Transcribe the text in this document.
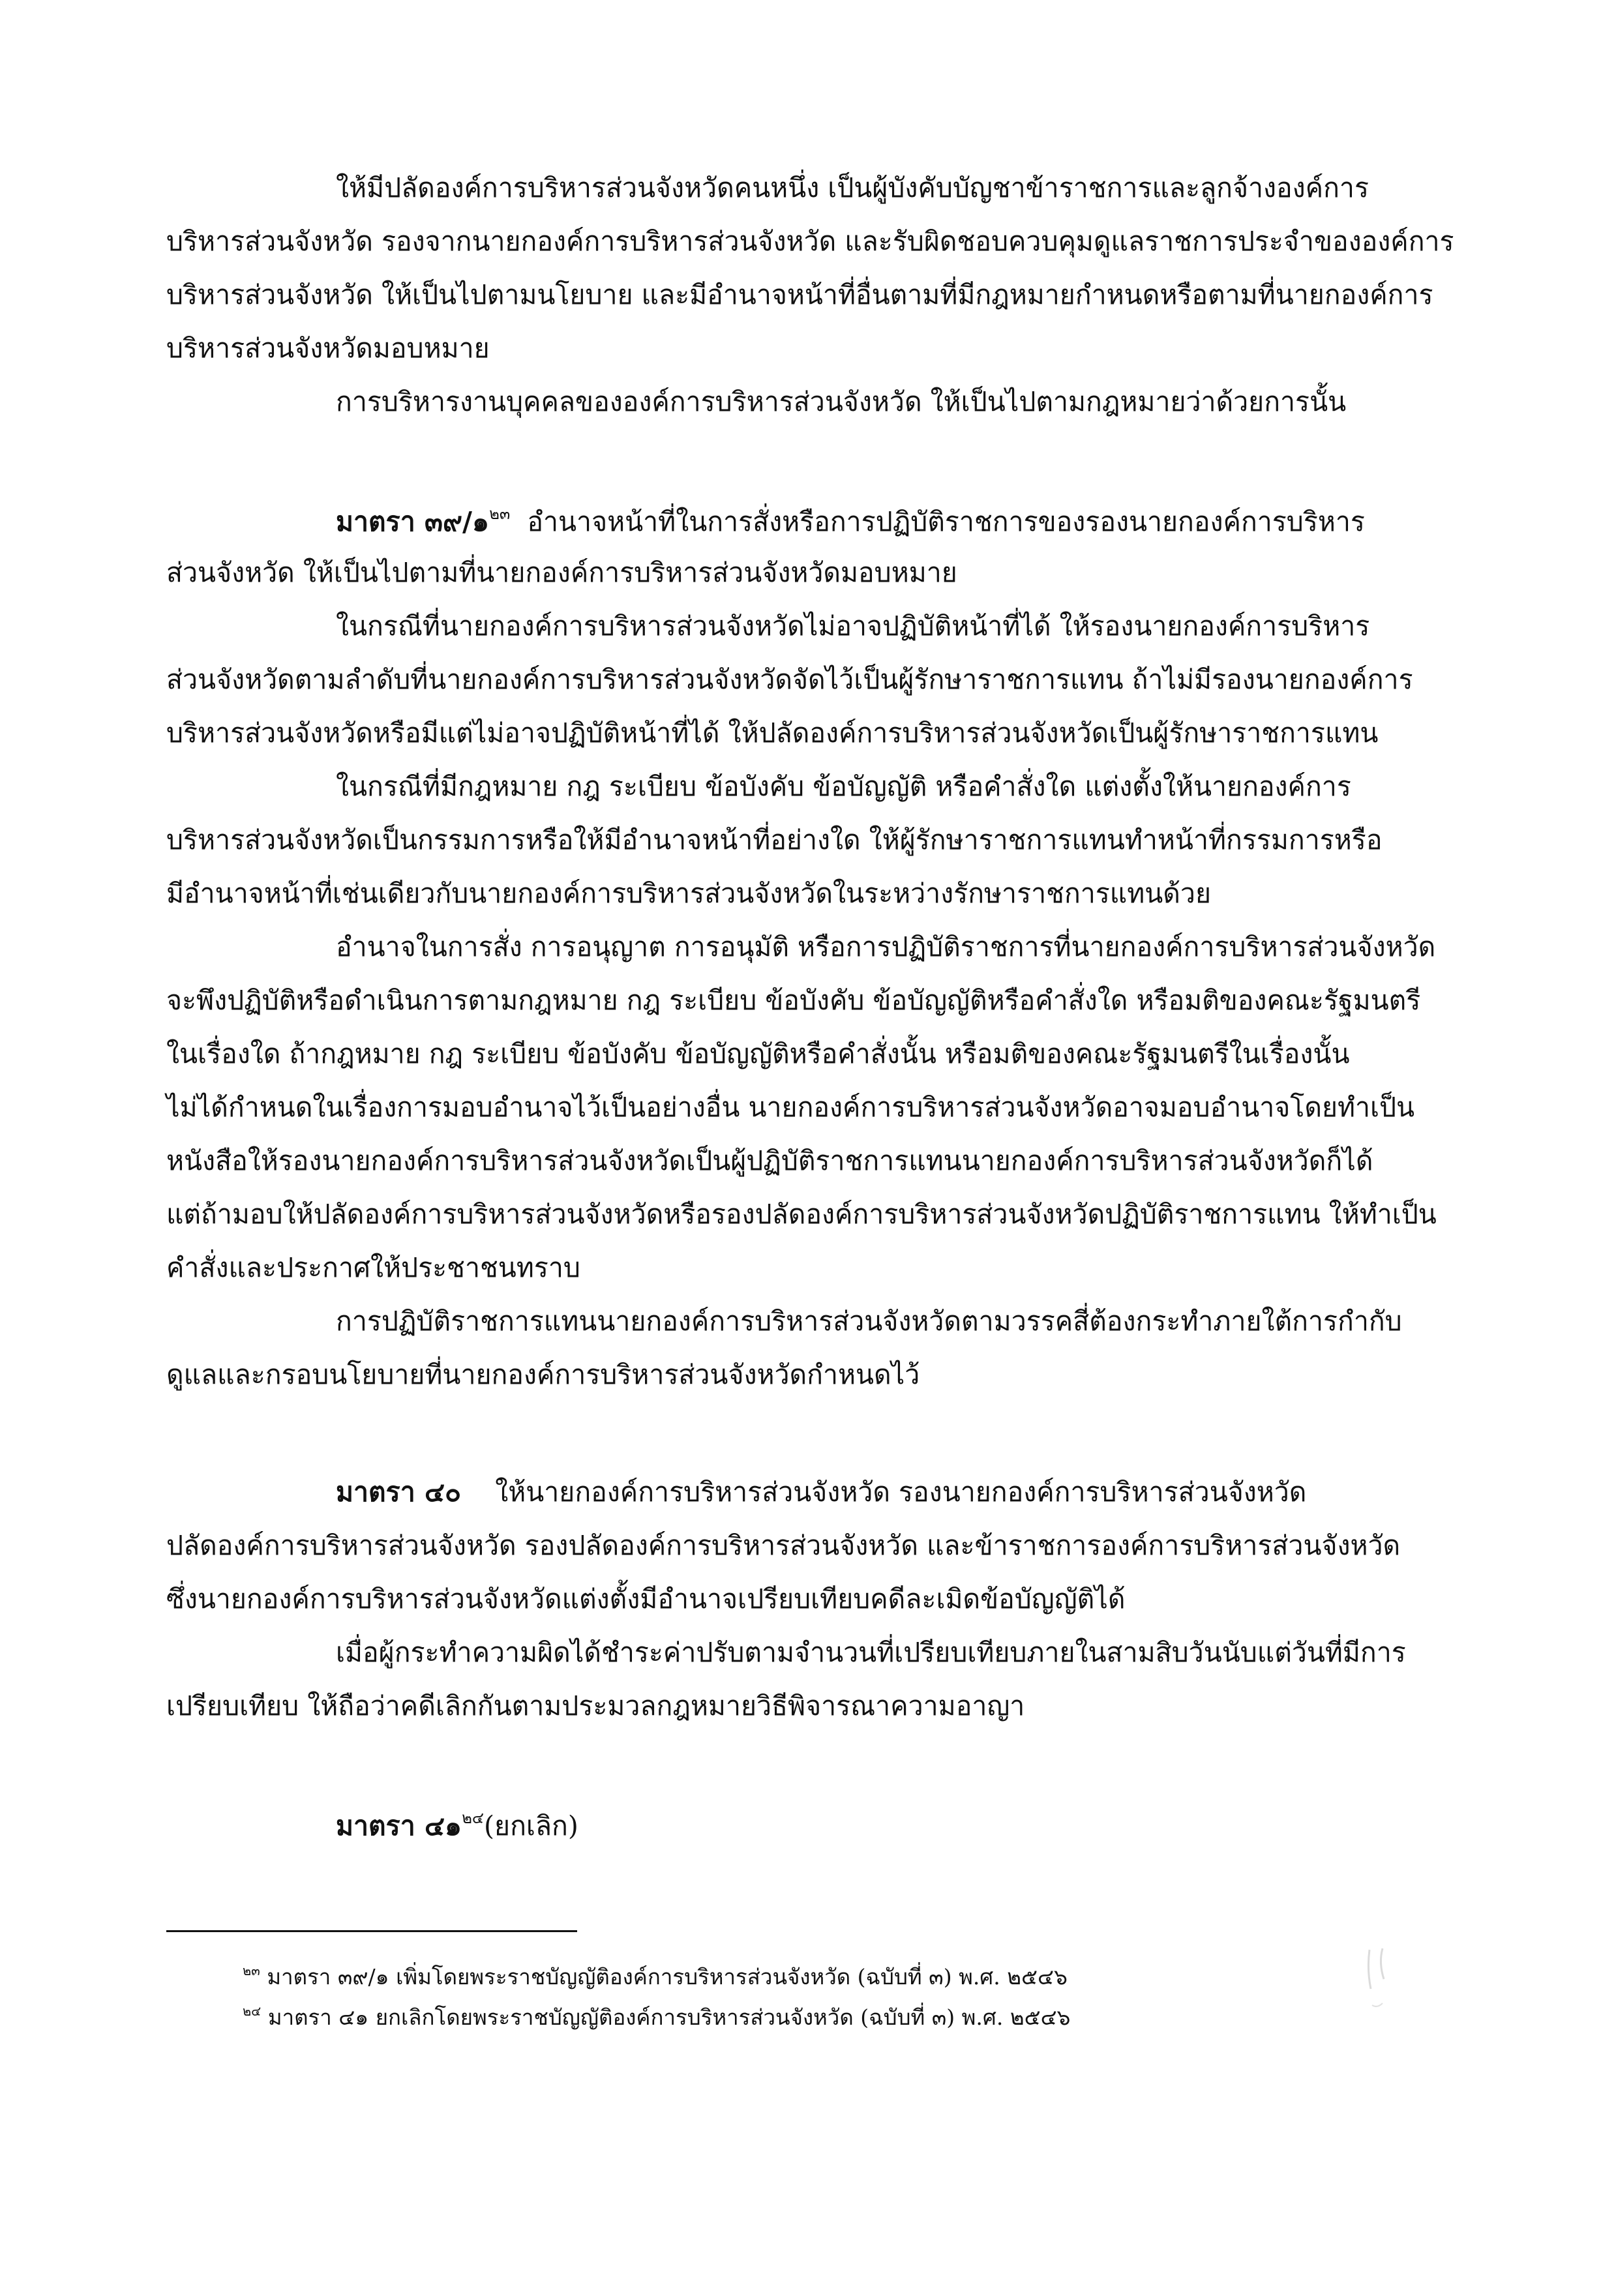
ให้มีปลัดองค์การบริหารส่วนจังหวัดคนหนึ่ง เป็นผู้บังคับบัญชาข้าราชการและลูกจ้างองค์การ
บริหารส่วนจังหวัด รองจากนายกองค์การบริหารส่วนจังหวัด และรับผิดชอบควบคุมดูแลราชการประจำขององค์การ
บริหารส่วนจังหวัด ให้เป็นไปตามนโยบาย และมีอำนาจหน้าที่อื่นตามที่มีกฎหมายกำหนดหรือตามที่นายกองค์การ
บริหารส่วนจังหวัดมอบหมาย
การบริหารงานบุคคลขององค์การบริหารส่วนจังหวัด ให้เป็นไปตามกฎหมายว่าด้วยการนั้น
มาตรา ๓๙/๑$^{๒๓}$ อำนาจหน้าที่ในการสั่งหรือการปฏิบัติราชการของรองนายกองค์การบริหาร
ส่วนจังหวัด ให้เป็นไปตามที่นายกองค์การบริหารส่วนจังหวัดมอบหมาย
ในกรณีที่นายกองค์การบริหารส่วนจังหวัดไม่อาจปฏิบัติหน้าที่ได้ ให้รองนายกองค์การบริหาร
ส่วนจังหวัดตามลำดับที่นายกองค์การบริหารส่วนจังหวัดจัดไว้เป็นผู้รักษาราชการแทน ถ้าไม่มีรองนายกองค์การ
บริหารส่วนจังหวัดหรือมีแต่ไม่อาจปฏิบัติหน้าที่ได้ ให้ปลัดองค์การบริหารส่วนจังหวัดเป็นผู้รักษาราชการแทน
ในกรณีที่มีกฎหมาย กฎ ระเบียบ ข้อบังคับ ข้อบัญญัติ หรือคำสั่งใด แต่งตั้งให้นายกองค์การ
บริหารส่วนจังหวัดเป็นกรรมการหรือให้มีอำนาจหน้าที่อย่างใด ให้ผู้รักษาราชการแทนทำหน้าที่กรรมการหรือ
มีอำนาจหน้าที่เช่นเดียวกับนายกองค์การบริหารส่วนจังหวัดในระหว่างรักษาราชการแทนด้วย
อำนาจในการสั่ง การอนุญาต การอนุมัติ หรือการปฏิบัติราชการที่นายกองค์การบริหารส่วนจังหวัด
จะพึงปฏิบัติหรือดำเนินการตามกฎหมาย กฎ ระเบียบ ข้อบังคับ ข้อบัญญัติหรือคำสั่งใด หรือมติของคณะรัฐมนตรี
ในเรื่องใด ถ้ากฎหมาย กฎ ระเบียบ ข้อบังคับ ข้อบัญญัติหรือคำสั่งนั้น หรือมติของคณะรัฐมนตรีในเรื่องนั้น
ไม่ได้กำหนดในเรื่องการมอบอำนาจไว้เป็นอย่างอื่น นายกองค์การบริหารส่วนจังหวัดอาจมอบอำนาจโดยทำเป็น
หนังสือให้รองนายกองค์การบริหารส่วนจังหวัดเป็นผู้ปฏิบัติราชการแทนนายกองค์การบริหารส่วนจังหวัดก็ได้
แต่ถ้ามอบให้ปลัดองค์การบริหารส่วนจังหวัดหรือรองปลัดองค์การบริหารส่วนจังหวัดปฏิบัติราชการแทน ให้ทำเป็น
คำสั่งและประกาศให้ประชาชนทราบ
การปฏิบัติราชการแทนนายกองค์การบริหารส่วนจังหวัดตามวรรคสี่ต้องกระทำภายใต้การกำกับ
ดูแลและกรอบนโยบายที่นายกองค์การบริหารส่วนจังหวัดกำหนดไว้
มาตรา ๔๐ ให้นายกองค์การบริหารส่วนจังหวัด รองนายกองค์การบริหารส่วนจังหวัด
ปลัดองค์การบริหารส่วนจังหวัด รองปลัดองค์การบริหารส่วนจังหวัด และข้าราชการองค์การบริหารส่วนจังหวัด
ซึ่งนายกองค์การบริหารส่วนจังหวัดแต่งตั้งมีอำนาจเปรียบเทียบคดีละเมิดข้อบัญญัติได้
เมื่อผู้กระทำความผิดได้ชำระค่าปรับตามจำนวนที่เปรียบเทียบภายในสามสิบวันนับแต่วันที่มีการ
เปรียบเทียบ ให้ถือว่าคดีเลิกกันตามประมวลกฎหมายวิธีพิจารณาความอาญา
มาตรา ๔๑$^{๒๔}$(ยกเลิก)
$^{๒๓}$ มาตรา ๓๙/๑ เพิ่มโดยพระราชบัญญัติองค์การบริหารส่วนจังหวัด (ฉบับที่ ๓) พ.ศ. ๒๕๔๖
$^{๒๔}$ มาตรา ๔๑ ยกเลิกโดยพระราชบัญญัติองค์การบริหารส่วนจังหวัด (ฉบับที่ ๓) พ.ศ. ๒๕๔๖
